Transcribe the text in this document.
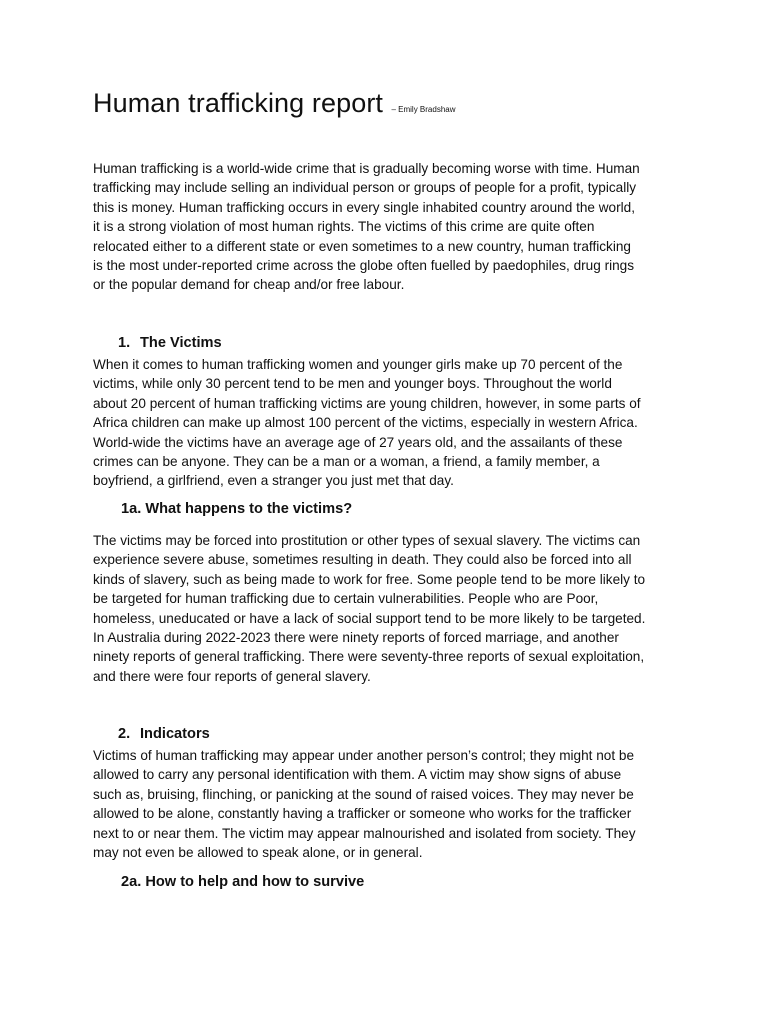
Human trafficking report – Emily Bradshaw
Human trafficking is a world-wide crime that is gradually becoming worse with time. Human
trafficking may include selling an individual person or groups of people for a profit, typically
this is money. Human trafficking occurs in every single inhabited country around the world,
it is a strong violation of most human rights. The victims of this crime are quite often
relocated either to a different state or even sometimes to a new country, human trafficking
is the most under-reported crime across the globe often fuelled by paedophiles, drug rings
or the popular demand for cheap and/or free labour.
1. The Victims
When it comes to human trafficking women and younger girls make up 70 percent of the
victims, while only 30 percent tend to be men and younger boys. Throughout the world
about 20 percent of human trafficking victims are young children, however, in some parts of
Africa children can make up almost 100 percent of the victims, especially in western Africa.
World-wide the victims have an average age of 27 years old, and the assailants of these
crimes can be anyone. They can be a man or a woman, a friend, a family member, a
boyfriend, a girlfriend, even a stranger you just met that day.
1a. What happens to the victims?
The victims may be forced into prostitution or other types of sexual slavery. The victims can
experience severe abuse, sometimes resulting in death. They could also be forced into all
kinds of slavery, such as being made to work for free. Some people tend to be more likely to
be targeted for human trafficking due to certain vulnerabilities. People who are Poor,
homeless, uneducated or have a lack of social support tend to be more likely to be targeted.
In Australia during 2022-2023 there were ninety reports of forced marriage, and another
ninety reports of general trafficking. There were seventy-three reports of sexual exploitation,
and there were four reports of general slavery.
2. Indicators
Victims of human trafficking may appear under another person’s control; they might not be
allowed to carry any personal identification with them. A victim may show signs of abuse
such as, bruising, flinching, or panicking at the sound of raised voices. They may never be
allowed to be alone, constantly having a trafficker or someone who works for the trafficker
next to or near them. The victim may appear malnourished and isolated from society. They
may not even be allowed to speak alone, or in general.
2a. How to help and how to survive
